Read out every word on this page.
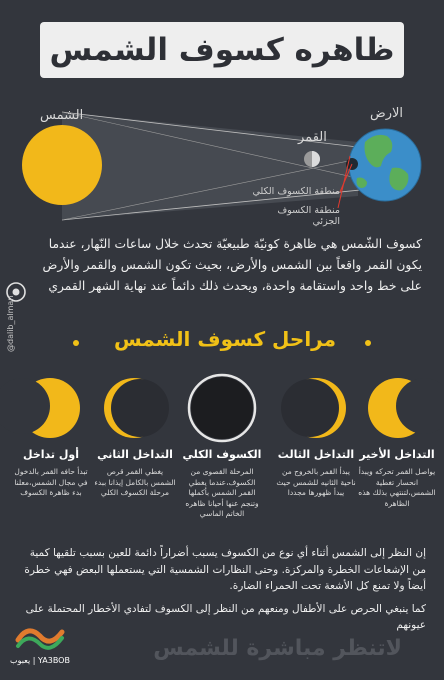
ظاهره كسوف الشمس
الشمس	الارض
القمر
منطقة الكسوف الكلي
منطقة الكسوف الجزئي
كسوف الشّمس هي ظاهرة كونيّة طبيعيّة تحدث خلال ساعات النّهار، عندما يكون القمر واقعاً بين الشمس والأرض، بحيث تكون الشمس والقمر والأرض على خط واحد واستقامة واحدة، ويحدث ذلك دائماً عند نهاية الشهر القمري
@dalib_alman	مراحل كسوف الشمس
التداخل الأخير
يواصل القمر تحركه ويبدأ انحسار تغطية الشمس،لتنتهي بذلك هذه الظاهرة
التداخل الثالث
يبدأ القمر بالخروج من ناحية الثانيه للشمس حيث يبدأ ظهورها مجددا
الكسوف الكلي
المرحلة القصوى من الكسوف،عندما يغطي القمر الشمس بأكملها وتنجم عنها أحيانا ظاهره الخاتم الماسي
التداخل الثاني
يغطي القمر قرص الشمس بالكامل إيذانا ببدء مرحلة الكسوف الكلي
أول تداخل
تبدأ حافه القمر بالدخول في مجال الشمس،معلنا بدء ظاهرة الكسوف

إن النظر إلى الشمس أثناء أي نوع من الكسوف يسبب أضراراً دائمة للعين بسبب تلقيها كمية من الإشعاعات الخطرة والمركزة. وحتى النظارات الشمسية التي يستعملها البعض فهي خطرة أيضاً ولا تمنع كل الأشعة تحت الحمراء الضارة.

كما ينبغي الحرص على الأطفال ومنعهم من النظر إلى الكسوف لتفادي الأخطار المحتملة على عيونهم

لاتنظر مباشرة للشمس
يعبوب | YA3BOB
